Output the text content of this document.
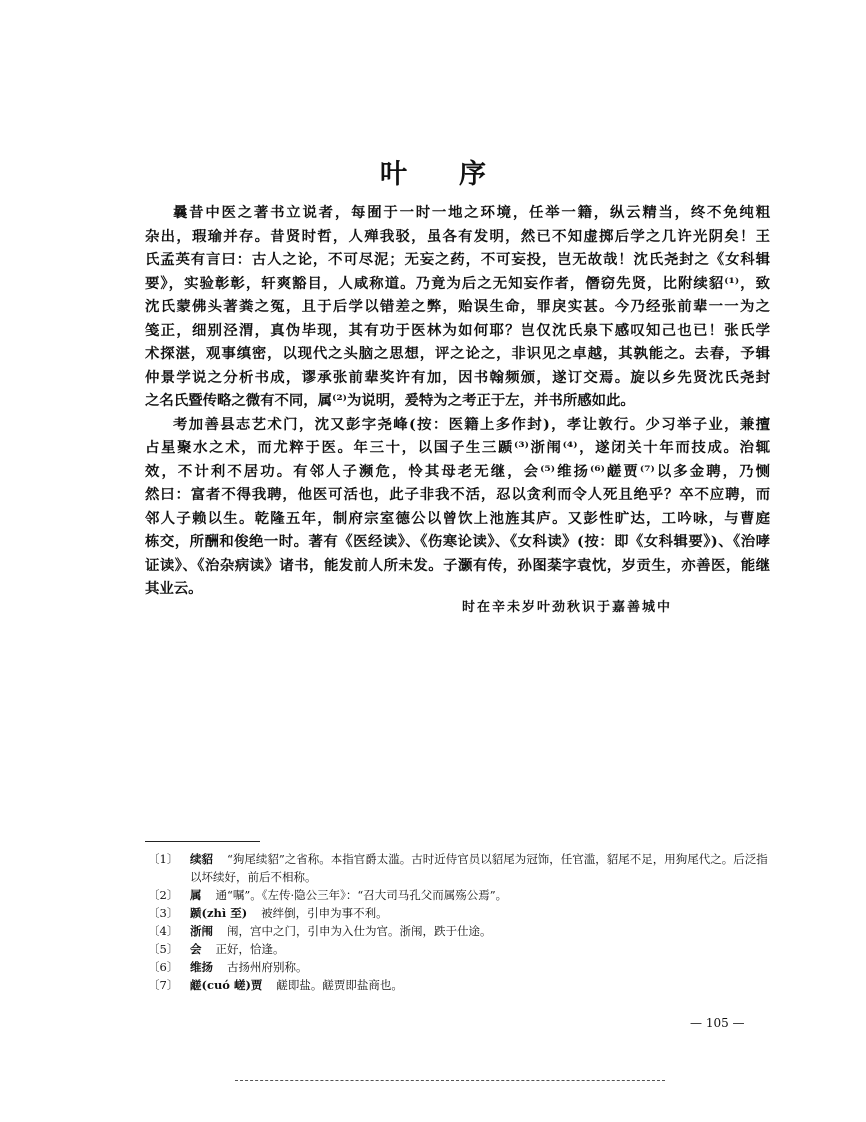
叶序
曩昔中医之著书立说者，每囿于一时一地之环境，任举一籍，纵云精当，终不免纯粗
杂出，瑕瑜并存。昔贤时哲，人殚我驳，虽各有发明，然已不知虚掷后学之几许光阴矣！王
氏孟英有言曰：古人之论，不可尽泥；无妄之药，不可妄投，岂无故哉！沈氏尧封之《女科辑
要》，实验彰彰，轩爽豁目，人咸称道。乃竟为后之无知妄作者，僭窃先贤，比附续貂⁽¹⁾，致
沈氏蒙佛头著粪之冤，且于后学以错差之弊，贻误生命，罪戾实甚。今乃经张前辈一一为之
笺正，细别泾渭，真伪毕现，其有功于医林为如何耶？岂仅沈氏泉下感叹知己也已！张氏学
术探湛，观事缜密，以现代之头脑之思想，评之论之，非识见之卓越，其孰能之。去春，予辑
仲景学说之分析书成，谬承张前辈奖许有加，因书翰频颁，遂订交焉。旋以乡先贤沈氏尧封
之名氏暨传略之微有不同，属⁽²⁾为说明，爰特为之考正于左，并书所感如此。
考加善县志艺术门，沈又彭字尧峰(按：医籍上多作封)，孝让敦行。少习举子业，兼擅
占星聚水之术，而尤粹于医。年三十，以国子生三踬⁽³⁾浙闱⁽⁴⁾，遂闭关十年而技成。治辄
效，不计利不居功。有邻人子濒危，怜其母老无继，会⁽⁵⁾维扬⁽⁶⁾鹾贾⁽⁷⁾以多金聘，乃恻
然曰：富者不得我聘，他医可活也，此子非我不活，忍以贪利而令人死且绝乎？卒不应聘，而
邻人子赖以生。乾隆五年，制府宗室德公以曾饮上池旌其庐。又彭性旷达，工吟咏，与曹庭
栋交，所酬和俊绝一时。著有《医经读》、《伤寒论读》、《女科读》(按：即《女科辑要》)、《治哮
证读》、《治杂病读》诸书，能发前人所未发。子灏有传，孙图棻字袁忱，岁贡生，亦善医，能继
其业云。
时在辛未岁叶劲秋识于嘉善城中
〔1〕	续貂 “狗尾续貂”之省称。本指官爵太滥。古时近侍官员以貂尾为冠饰，任官滥，貂尾不足，用狗尾代之。后泛指以坏续好，前后不相称。
〔2〕	属 通“嘱”。《左传·隐公三年》：“召大司马孔父而属殇公焉”。
〔3〕	踬(zhì 至) 被绊倒，引申为事不利。
〔4〕	浙闱 闱，宫中之门，引申为入仕为官。浙闱，跌于仕途。
〔5〕	会 正好，恰逢。
〔6〕	维扬 古扬州府别称。
〔7〕	鹾(cuó 嵯)贾 鹾即盐。鹾贾即盐商也。
— 105 —
